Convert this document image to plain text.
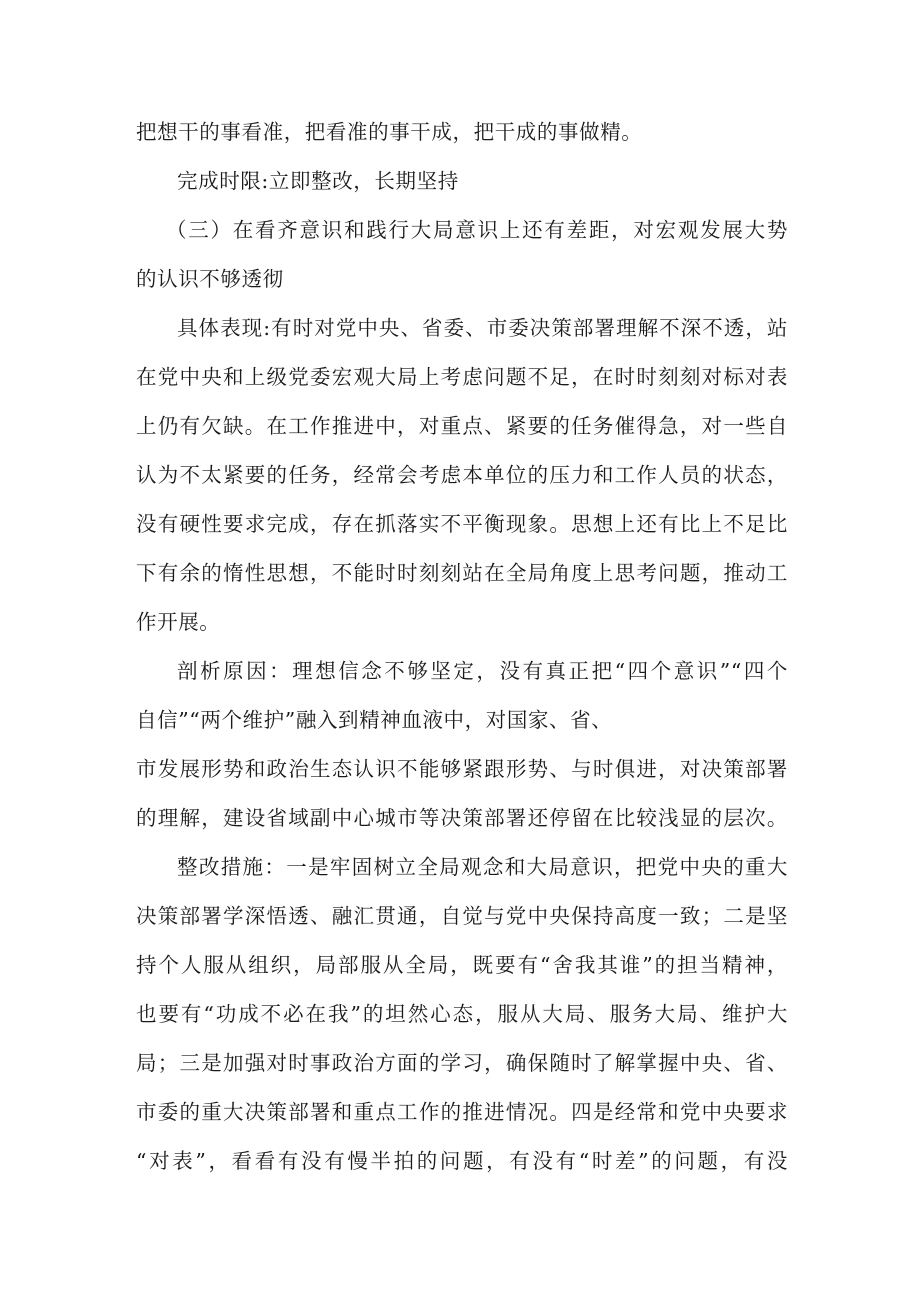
把想干的事看准，把看准的事干成，把干成的事做精。
完成时限:立即整改，长期坚持
（三）在看齐意识和践行大局意识上还有差距，对宏观发展大势
的认识不够透彻
具体表现:有时对党中央、省委、市委决策部署理解不深不透，站
在党中央和上级党委宏观大局上考虑问题不足，在时时刻刻对标对表
上仍有欠缺。在工作推进中，对重点、紧要的任务催得急，对一些自
认为不太紧要的任务，经常会考虑本单位的压力和工作人员的状态，
没有硬性要求完成，存在抓落实不平衡现象。思想上还有比上不足比
下有余的惰性思想，不能时时刻刻站在全局角度上思考问题，推动工
作开展。
剖析原因：理想信念不够坚定，没有真正把“四个意识”“四个
自信”“两个维护”融入到精神血液中，对国家、省、
市发展形势和政治生态认识不能够紧跟形势、与时俱进，对决策部署
的理解，建设省域副中心城市等决策部署还停留在比较浅显的层次。
整改措施：一是牢固树立全局观念和大局意识，把党中央的重大
决策部署学深悟透、融汇贯通，自觉与党中央保持高度一致；二是坚
持个人服从组织，局部服从全局，既要有“舍我其谁”的担当精神，
也要有“功成不必在我”的坦然心态，服从大局、服务大局、维护大
局；三是加强对时事政治方面的学习，确保随时了解掌握中央、省、
市委的重大决策部署和重点工作的推进情况。四是经常和党中央要求
“对表”，看看有没有慢半拍的问题，有没有“时差”的问题，有没
